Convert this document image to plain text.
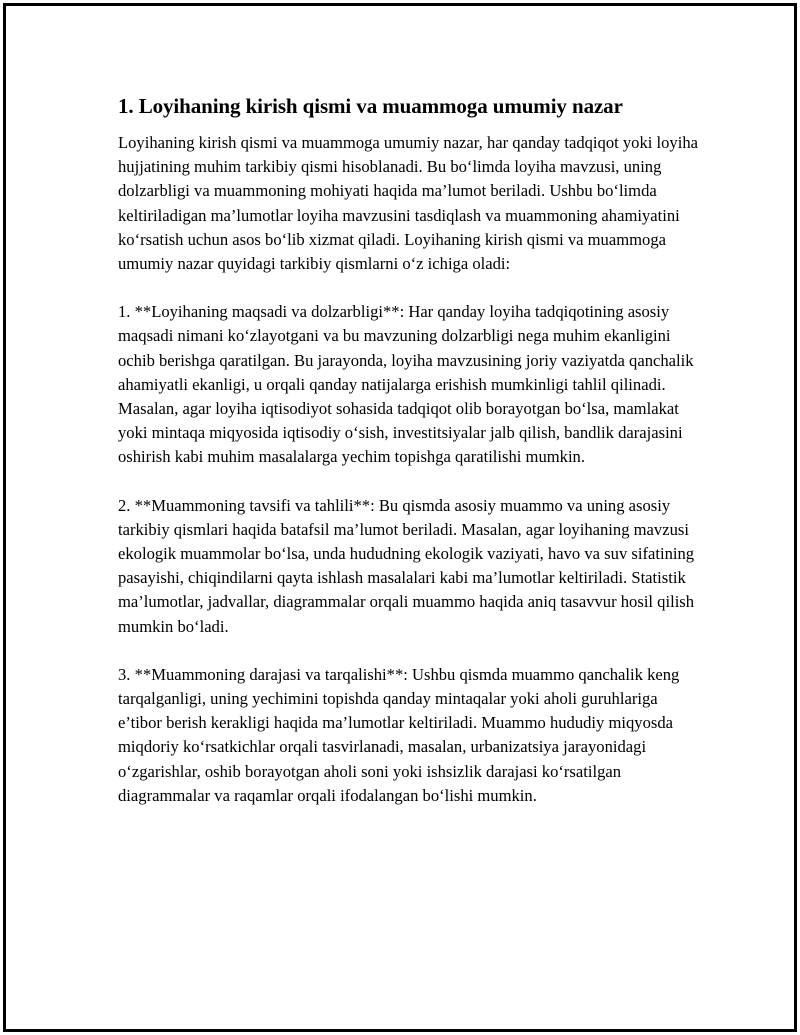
1. Loyihaning kirish qismi va muammoga umumiy nazar

Loyihaning kirish qismi va muammoga umumiy nazar, har qanday tadqiqot yoki loyiha hujjatining muhim tarkibiy qismi hisoblanadi. Bu bo‘limda loyiha mavzusi, uning dolzarbligi va muammoning mohiyati haqida ma’lumot beriladi. Ushbu bo‘limda keltiriladigan ma’lumotlar loyiha mavzusini tasdiqlash va muammoning ahamiyatini ko‘rsatish uchun asos bo‘lib xizmat qiladi. Loyihaning kirish qismi va muammoga umumiy nazar quyidagi tarkibiy qismlarni o‘z ichiga oladi:

1. **Loyihaning maqsadi va dolzarbligi**: Har qanday loyiha tadqiqotining asosiy maqsadi nimani ko‘zlayotgani va bu mavzuning dolzarbligi nega muhim ekanligini ochib berishga qaratilgan. Bu jarayonda, loyiha mavzusining joriy vaziyatda qanchalik ahamiyatli ekanligi, u orqali qanday natijalarga erishish mumkinligi tahlil qilinadi. Masalan, agar loyiha iqtisodiyot sohasida tadqiqot olib borayotgan bo‘lsa, mamlakat yoki mintaqa miqyosida iqtisodiy o‘sish, investitsiyalar jalb qilish, bandlik darajasini oshirish kabi muhim masalalarga yechim topishga qaratilishi mumkin.

2. **Muammoning tavsifi va tahlili**: Bu qismda asosiy muammo va uning asosiy tarkibiy qismlari haqida batafsil ma’lumot beriladi. Masalan, agar loyihaning mavzusi ekologik muammolar bo‘lsa, unda hududning ekologik vaziyati, havo va suv sifatining pasayishi, chiqindilarni qayta ishlash masalalari kabi ma’lumotlar keltiriladi. Statistik ma’lumotlar, jadvallar, diagrammalar orqali muammo haqida aniq tasavvur hosil qilish mumkin bo‘ladi.

3. **Muammoning darajasi va tarqalishi**: Ushbu qismda muammo qanchalik keng tarqalganligi, uning yechimini topishda qanday mintaqalar yoki aholi guruhlariga e’tibor berish kerakligi haqida ma’lumotlar keltiriladi. Muammo hududiy miqyosda miqdoriy ko‘rsatkichlar orqali tasvirlanadi, masalan, urbanizatsiya jarayonidagi o‘zgarishlar, oshib borayotgan aholi soni yoki ishsizlik darajasi ko‘rsatilgan diagrammalar va raqamlar orqali ifodalangan bo‘lishi mumkin.
